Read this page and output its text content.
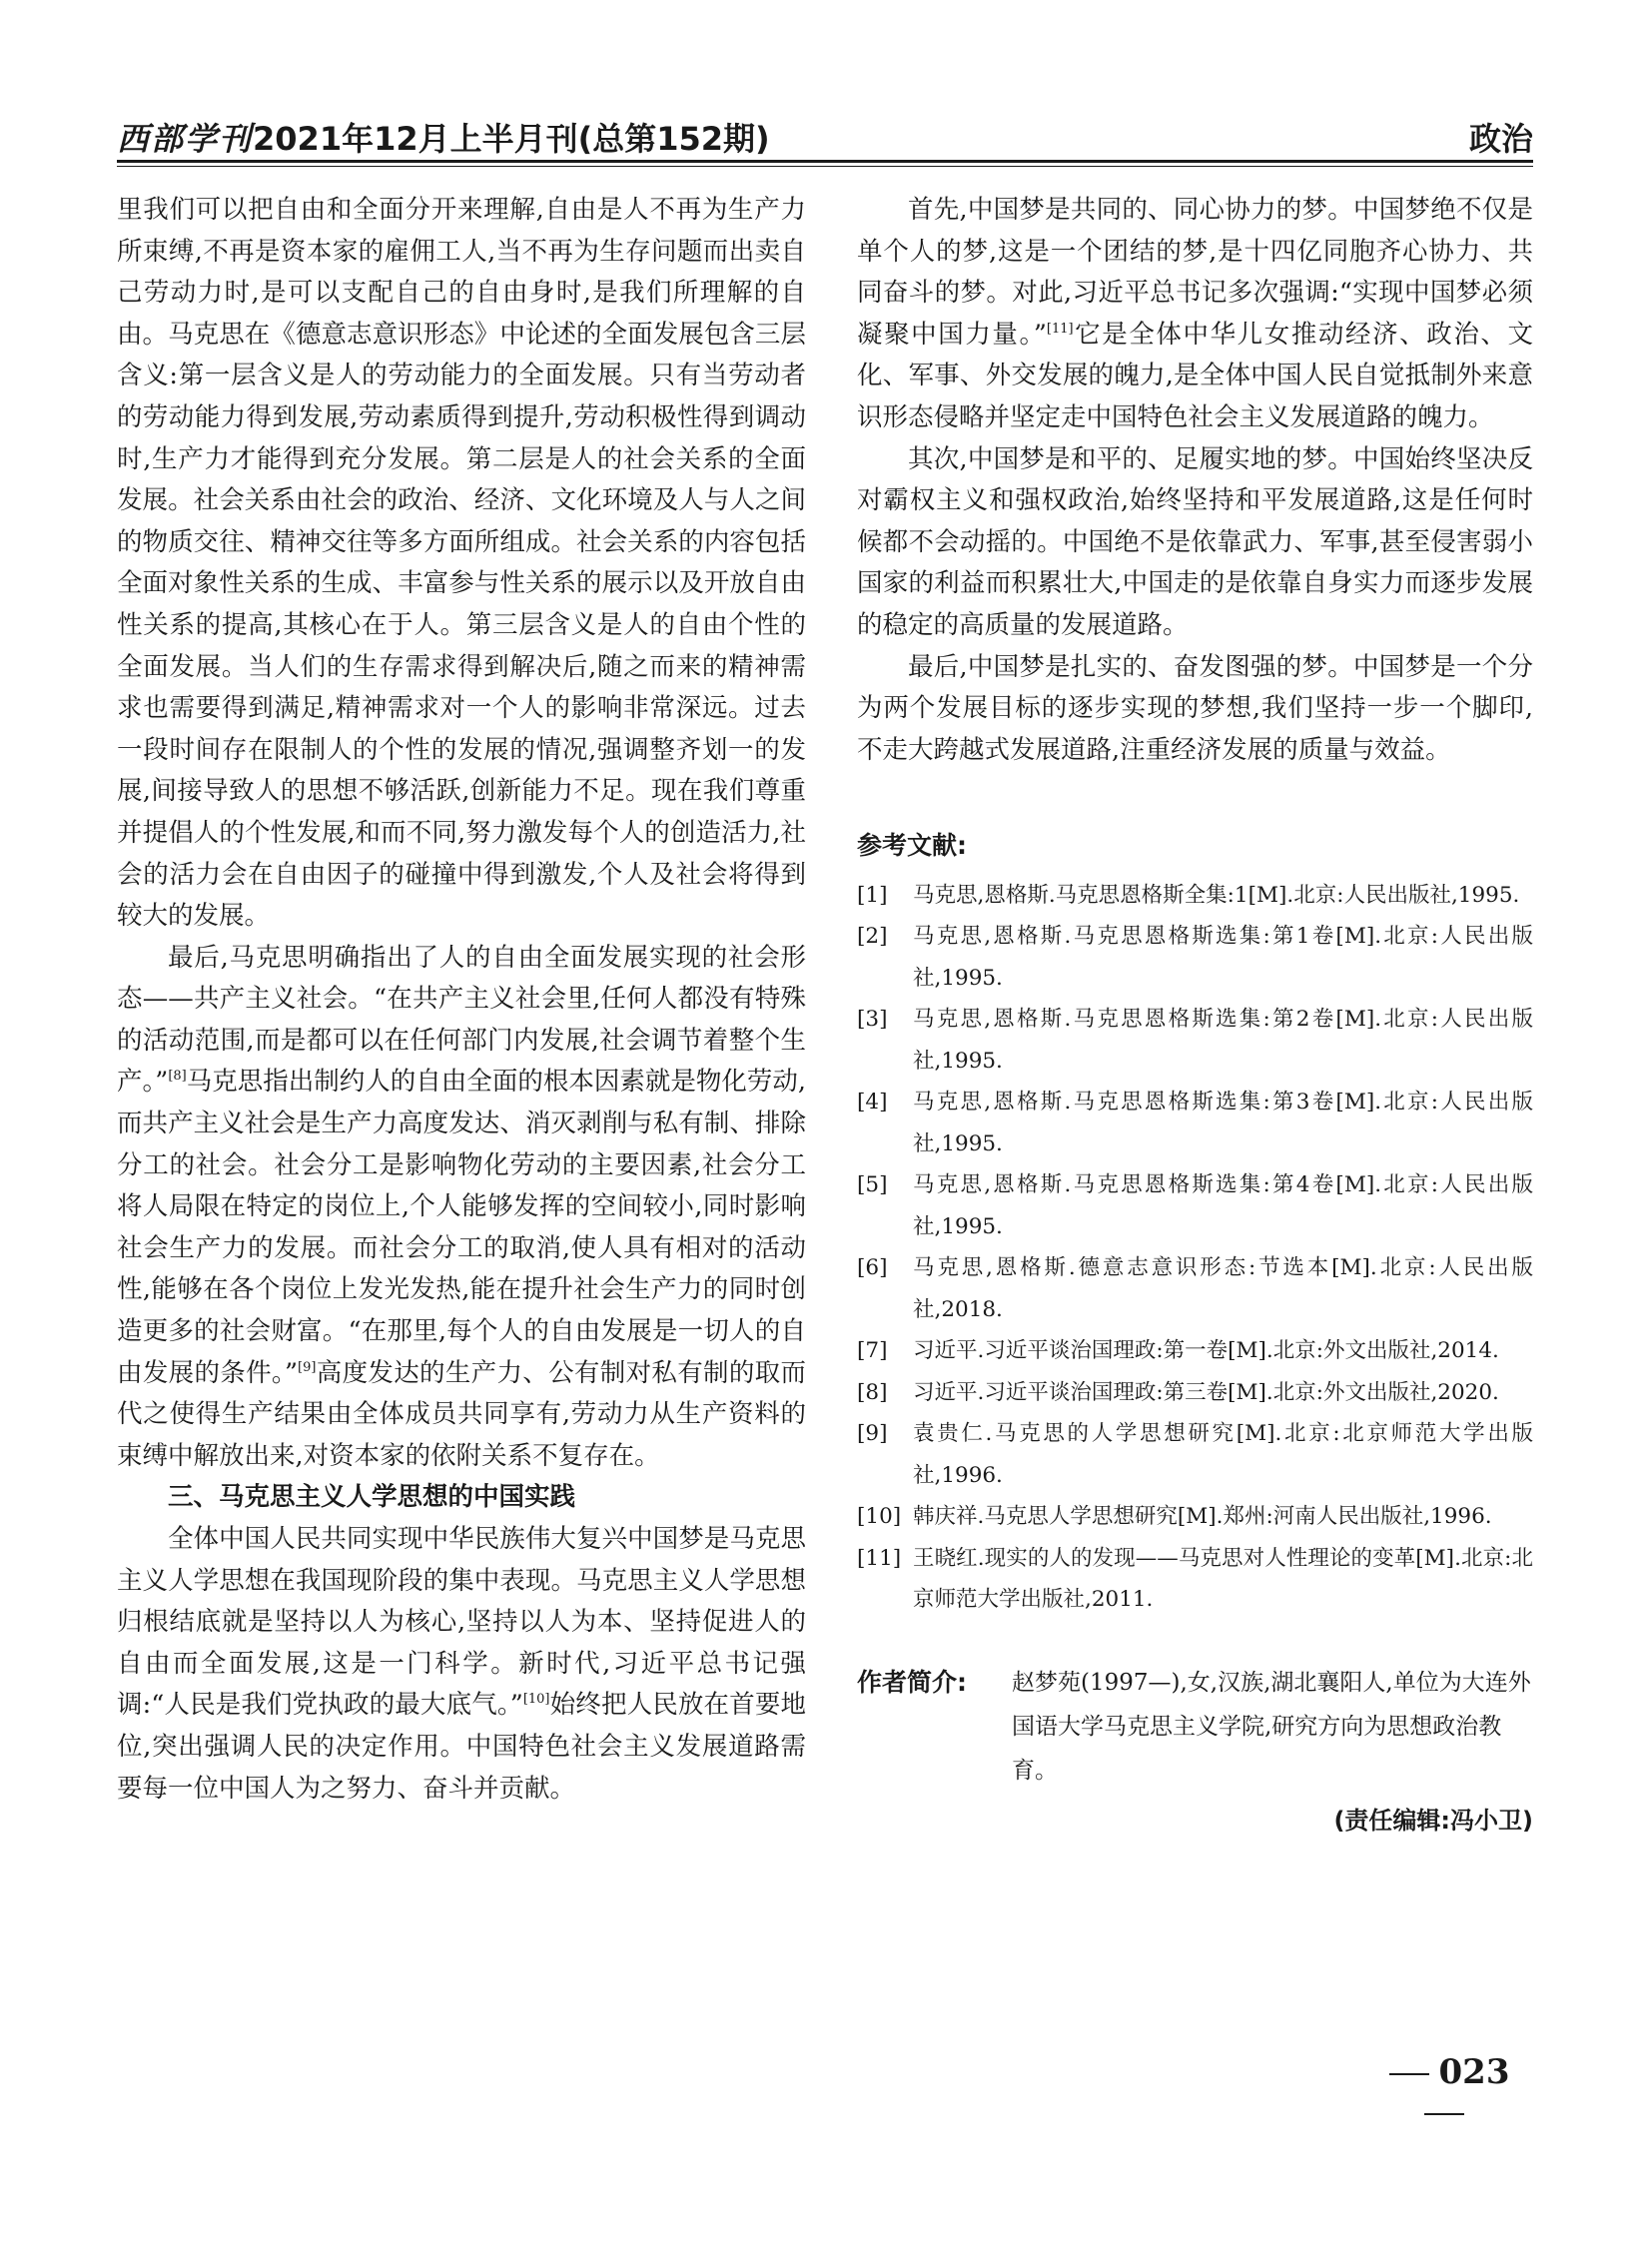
西部学刊2021年12月上半月刊(总第152期)	政治

里我们可以把自由和全面分开来理解,自由是人不再为生产力所束缚,不再是资本家的雇佣工人,当不再为生存问题而出卖自己劳动力时,是可以支配自己的自由身时,是我们所理解的自由。马克思在《德意志意识形态》中论述的全面发展包含三层含义:第一层含义是人的劳动能力的全面发展。只有当劳动者的劳动能力得到发展,劳动素质得到提升,劳动积极性得到调动时,生产力才能得到充分发展。第二层是人的社会关系的全面发展。社会关系由社会的政治、经济、文化环境及人与人之间的物质交往、精神交往等多方面所组成。社会关系的内容包括全面对象性关系的生成、丰富参与性关系的展示以及开放自由性关系的提高,其核心在于人。第三层含义是人的自由个性的全面发展。当人们的生存需求得到解决后,随之而来的精神需求也需要得到满足,精神需求对一个人的影响非常深远。过去一段时间存在限制人的个性的发展的情况,强调整齐划一的发展,间接导致人的思想不够活跃,创新能力不足。现在我们尊重并提倡人的个性发展,和而不同,努力激发每个人的创造活力,社会的活力会在自由因子的碰撞中得到激发,个人及社会将得到较大的发展。

最后,马克思明确指出了人的自由全面发展实现的社会形态——共产主义社会。“在共产主义社会里,任何人都没有特殊的活动范围,而是都可以在任何部门内发展,社会调节着整个生产。”[8]马克思指出制约人的自由全面的根本因素就是物化劳动,而共产主义社会是生产力高度发达、消灭剥削与私有制、排除分工的社会。社会分工是影响物化劳动的主要因素,社会分工将人局限在特定的岗位上,个人能够发挥的空间较小,同时影响社会生产力的发展。而社会分工的取消,使人具有相对的活动性,能够在各个岗位上发光发热,能在提升社会生产力的同时创造更多的社会财富。“在那里,每个人的自由发展是一切人的自由发展的条件。”[9]高度发达的生产力、公有制对私有制的取而代之使得生产结果由全体成员共同享有,劳动力从生产资料的束缚中解放出来,对资本家的依附关系不复存在。

三、马克思主义人学思想的中国实践

全体中国人民共同实现中华民族伟大复兴中国梦是马克思主义人学思想在我国现阶段的集中表现。马克思主义人学思想归根结底就是坚持以人为核心,坚持以人为本、坚持促进人的自由而全面发展,这是一门科学。新时代,习近平总书记强调:“人民是我们党执政的最大底气。”[10]始终把人民放在首要地位,突出强调人民的决定作用。中国特色社会主义发展道路需要每一位中国人为之努力、奋斗并贡献。

首先,中国梦是共同的、同心协力的梦。中国梦绝不仅是单个人的梦,这是一个团结的梦,是十四亿同胞齐心协力、共同奋斗的梦。对此,习近平总书记多次强调:“实现中国梦必须凝聚中国力量。”[11]它是全体中华儿女推动经济、政治、文化、军事、外交发展的魄力,是全体中国人民自觉抵制外来意识形态侵略并坚定走中国特色社会主义发展道路的魄力。

其次,中国梦是和平的、足履实地的梦。中国始终坚决反对霸权主义和强权政治,始终坚持和平发展道路,这是任何时候都不会动摇的。中国绝不是依靠武力、军事,甚至侵害弱小国家的利益而积累壮大,中国走的是依靠自身实力而逐步发展的稳定的高质量的发展道路。

最后,中国梦是扎实的、奋发图强的梦。中国梦是一个分为两个发展目标的逐步实现的梦想,我们坚持一步一个脚印,不走大跨越式发展道路,注重经济发展的质量与效益。

参考文献:
[1] 马克思,恩格斯.马克思恩格斯全集:1[M].北京:人民出版社,1995.
[2] 马克思,恩格斯.马克思恩格斯选集:第1卷[M].北京:人民出版社,1995.
[3] 马克思,恩格斯.马克思恩格斯选集:第2卷[M].北京:人民出版社,1995.
[4] 马克思,恩格斯.马克思恩格斯选集:第3卷[M].北京:人民出版社,1995.
[5] 马克思,恩格斯.马克思恩格斯选集:第4卷[M].北京:人民出版社,1995.
[6] 马克思,恩格斯.德意志意识形态:节选本[M].北京:人民出版社,2018.
[7] 习近平.习近平谈治国理政:第一卷[M].北京:外文出版社,2014.
[8] 习近平.习近平谈治国理政:第三卷[M].北京:外文出版社,2020.
[9] 袁贵仁.马克思的人学思想研究[M].北京:北京师范大学出版社,1996.
[10] 韩庆祥.马克思人学思想研究[M].郑州:河南人民出版社,1996.
[11] 王晓红.现实的人的发现——马克思对人性理论的变革[M].北京:北京师范大学出版社,2011.
作者简介: 赵梦苑(1997—),女,汉族,湖北襄阳人,单位为大连外国语大学马克思主义学院,研究方向为思想政治教育。
(责任编辑:冯小卫)
023
